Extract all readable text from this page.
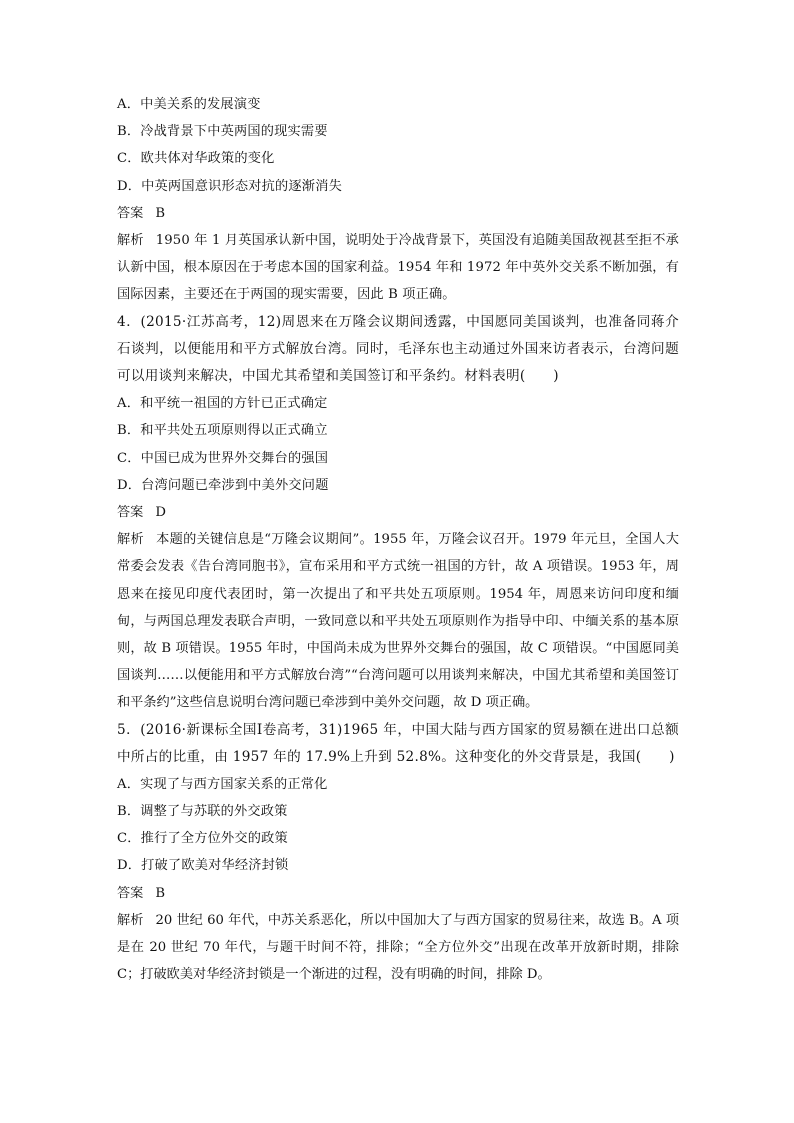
A．中美关系的发展演变
B．冷战背景下中英两国的现实需要
C．欧共体对华政策的变化
D．中英两国意识形态对抗的逐渐消失
答案 B
解析 1950 年 1 月英国承认新中国，说明处于冷战背景下，英国没有追随美国敌视甚至拒不承认新中国，根本原因在于考虑本国的国家利益。1954 年和 1972 年中英外交关系不断加强，有国际因素，主要还在于两国的现实需要，因此 B 项正确。
4．(2015·江苏高考，12)周恩来在万隆会议期间透露，中国愿同美国谈判，也准备同蒋介石谈判，以便能用和平方式解放台湾。同时，毛泽东也主动通过外国来访者表示，台湾问题可以用谈判来解决，中国尤其希望和美国签订和平条约。材料表明(　　)
A．和平统一祖国的方针已正式确定
B．和平共处五项原则得以正式确立
C．中国已成为世界外交舞台的强国
D．台湾问题已牵涉到中美外交问题
答案 D
解析 本题的关键信息是“万隆会议期间”。1955 年，万隆会议召开。1979 年元旦，全国人大常委会发表《告台湾同胞书》，宣布采用和平方式统一祖国的方针，故 A 项错误。1953 年，周恩来在接见印度代表团时，第一次提出了和平共处五项原则。1954 年，周恩来访问印度和缅甸，与两国总理发表联合声明，一致同意以和平共处五项原则作为指导中印、中缅关系的基本原则，故 B 项错误。1955 年时，中国尚未成为世界外交舞台的强国，故 C 项错误。“中国愿同美国谈判……以便能用和平方式解放台湾”“台湾问题可以用谈判来解决，中国尤其希望和美国签订和平条约”这些信息说明台湾问题已牵涉到中美外交问题，故 D 项正确。
5．(2016·新课标全国Ⅰ卷高考，31)1965 年，中国大陆与西方国家的贸易额在进出口总额中所占的比重，由 1957 年的 17.9%上升到 52.8%。这种变化的外交背景是，我国(　　)
A．实现了与西方国家关系的正常化
B．调整了与苏联的外交政策
C．推行了全方位外交的政策
D．打破了欧美对华经济封锁
答案 B
解析 20 世纪 60 年代，中苏关系恶化，所以中国加大了与西方国家的贸易往来，故选 B。A 项是在 20 世纪 70 年代，与题干时间不符，排除；“全方位外交”出现在改革开放新时期，排除 C；打破欧美对华经济封锁是一个渐进的过程，没有明确的时间，排除 D。
